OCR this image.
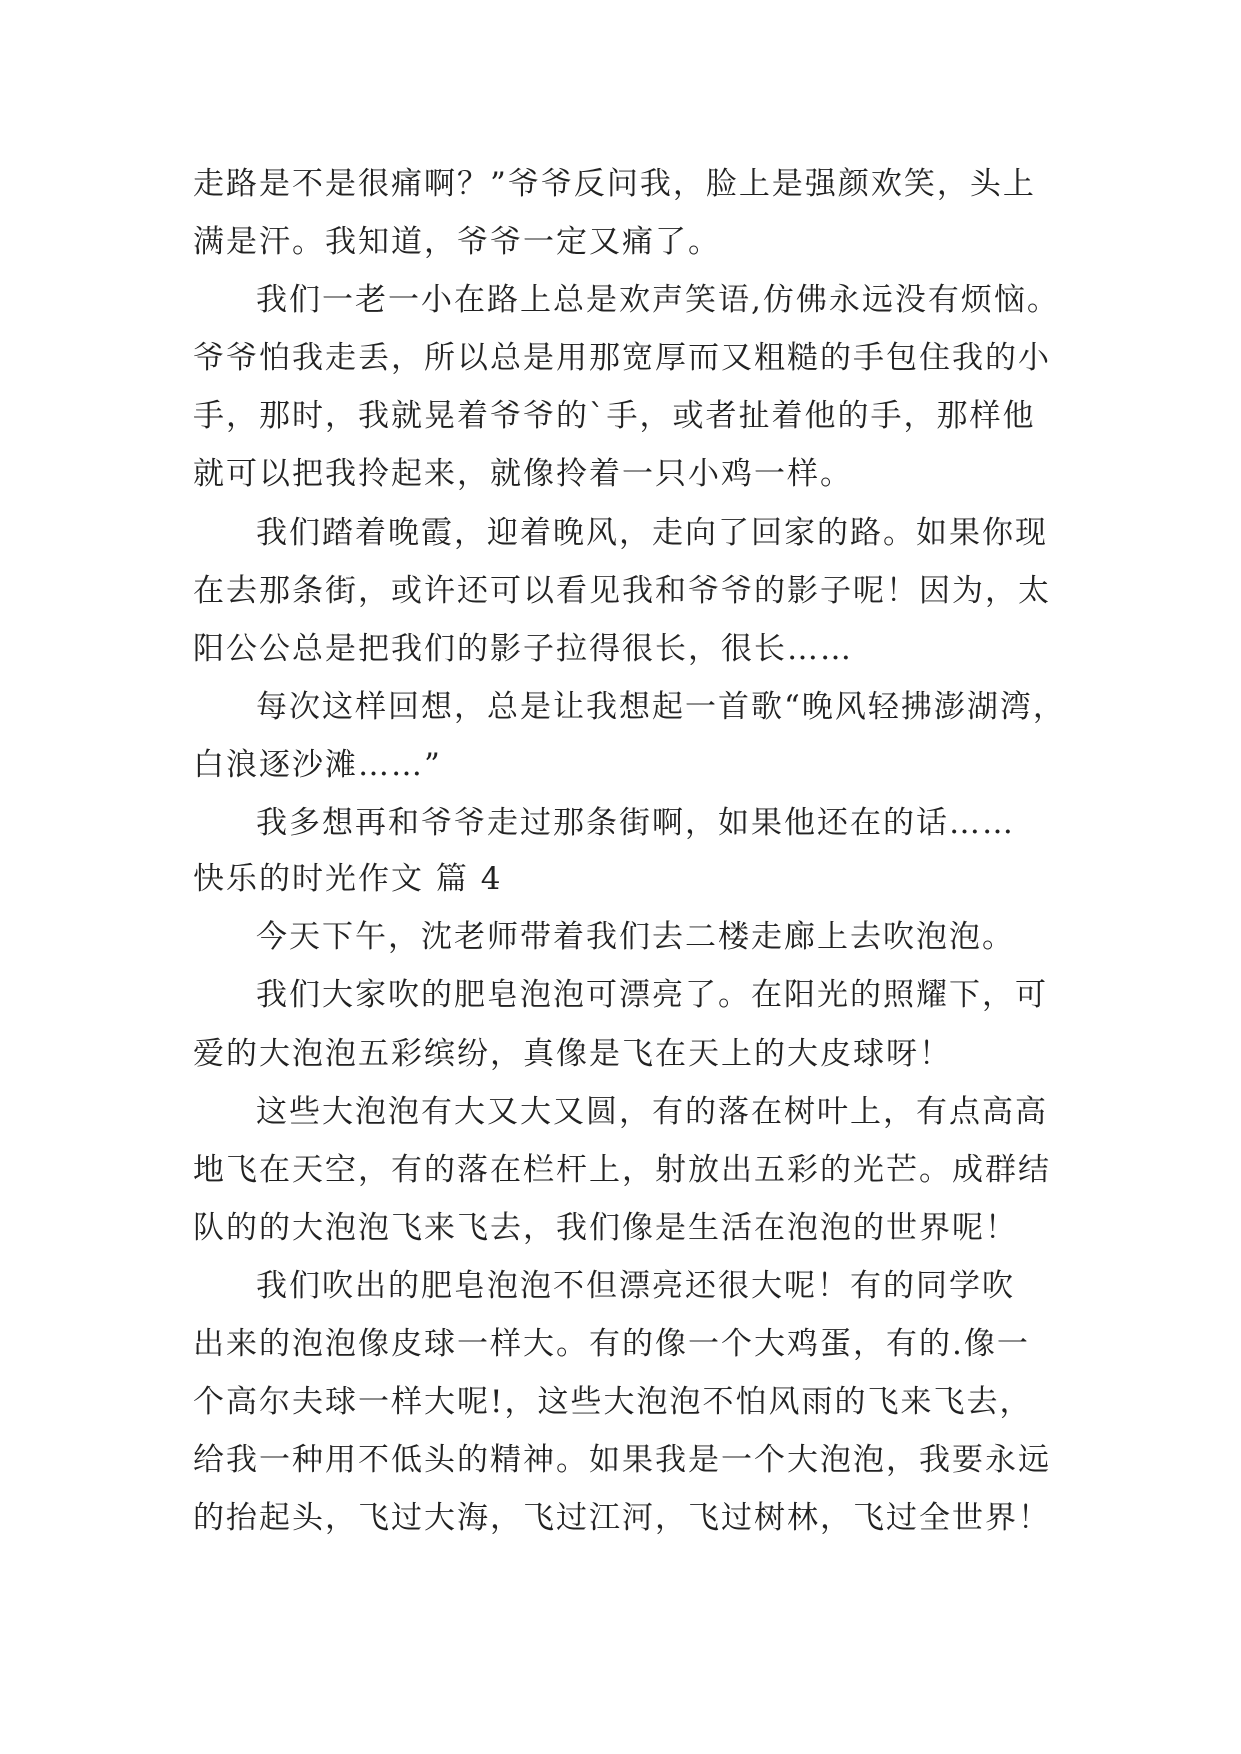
走路是不是很痛啊？”爷爷反问我，脸上是强颜欢笑，头上

满是汗。我知道，爷爷一定又痛了。

我们一老一小在路上总是欢声笑语,仿佛永远没有烦恼。

爷爷怕我走丢，所以总是用那宽厚而又粗糙的手包住我的小

手，那时，我就晃着爷爷的`手，或者扯着他的手，那样他

就可以把我拎起来，就像拎着一只小鸡一样。

我们踏着晚霞，迎着晚风，走向了回家的路。如果你现

在去那条街，或许还可以看见我和爷爷的影子呢！因为，太

阳公公总是把我们的影子拉得很长，很长……

每次这样回想，总是让我想起一首歌“晚风轻拂澎湖湾，

白浪逐沙滩……”

我多想再和爷爷走过那条街啊，如果他还在的话……

快乐的时光作文 篇 4

今天下午，沈老师带着我们去二楼走廊上去吹泡泡。

我们大家吹的肥皂泡泡可漂亮了。在阳光的照耀下，可

爱的大泡泡五彩缤纷，真像是飞在天上的大皮球呀！

这些大泡泡有大又大又圆，有的落在树叶上，有点高高

地飞在天空，有的落在栏杆上，射放出五彩的光芒。成群结

队的的大泡泡飞来飞去，我们像是生活在泡泡的世界呢！

我们吹出的肥皂泡泡不但漂亮还很大呢！有的同学吹

出来的泡泡像皮球一样大。有的像一个大鸡蛋，有的.像一

个高尔夫球一样大呢!，这些大泡泡不怕风雨的飞来飞去，

给我一种用不低头的精神。如果我是一个大泡泡，我要永远

的抬起头，飞过大海，飞过江河，飞过树林，飞过全世界！
